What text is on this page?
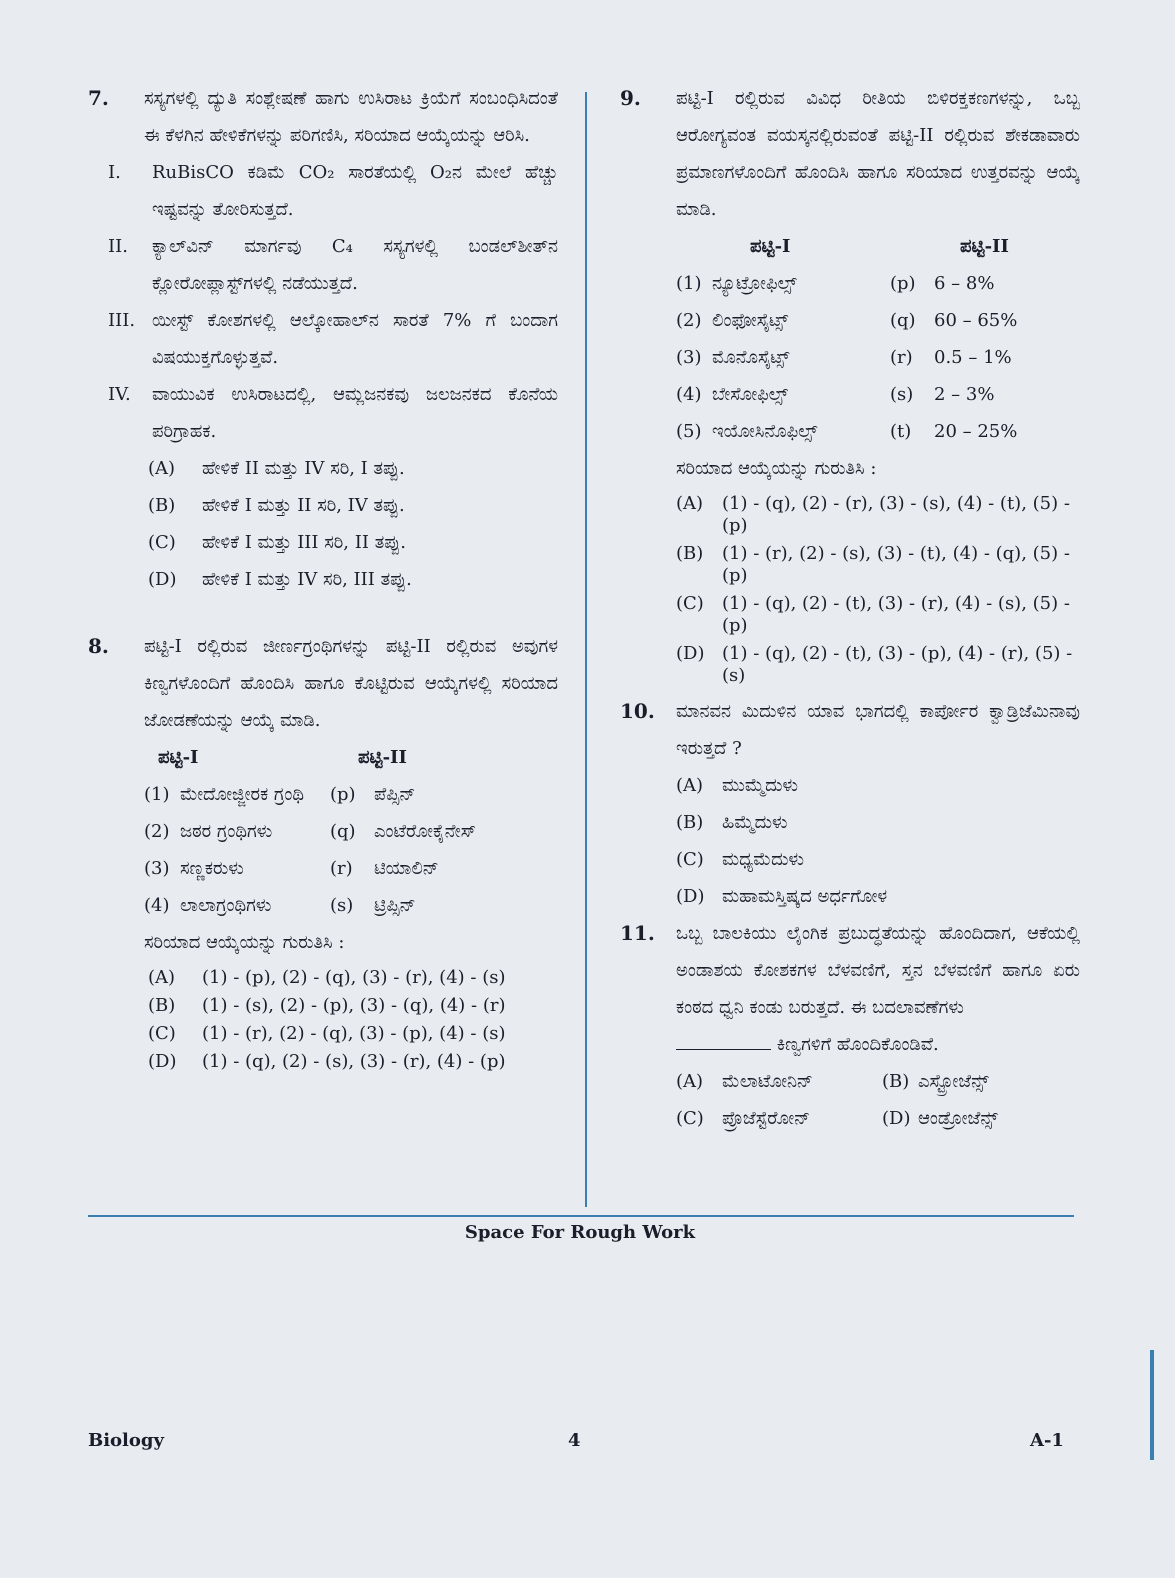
7. ಸಸ್ಯಗಳಲ್ಲಿ ದ್ಯುತಿ ಸಂಶ್ಲೇಷಣೆ ಹಾಗು ಉಸಿರಾಟ ಕ್ರಿಯೆಗೆ ಸಂಬಂಧಿಸಿದಂತೆ ಈ ಕೆಳಗಿನ ಹೇಳಿಕೆಗಳನ್ನು ಪರಿಗಣಿಸಿ, ಸರಿಯಾದ ಆಯ್ಕೆಯನ್ನು ಆರಿಸಿ.
I. RuBisCO ಕಡಿಮೆ CO₂ ಸಾರತೆಯಲ್ಲಿ O₂ನ ಮೇಲೆ ಹೆಚ್ಚು ಇಷ್ಟವನ್ನು ತೋರಿಸುತ್ತದೆ.
II. ಕ್ಯಾಲ್‌ವಿನ್ ಮಾರ್ಗವು C₄ ಸಸ್ಯಗಳಲ್ಲಿ ಬಂಡಲ್‌ಶೀತ್‌ನ ಕ್ಲೋರೋಪ್ಲಾಸ್ಟ್‌ಗಳಲ್ಲಿ ನಡೆಯುತ್ತದೆ.
III. ಯೀಸ್ಟ್ ಕೋಶಗಳಲ್ಲಿ ಆಲ್ಕೋಹಾಲ್‌ನ ಸಾರತೆ 7% ಗೆ ಬಂದಾಗ ವಿಷಯುಕ್ತಗೊಳ್ಳುತ್ತವೆ.
IV. ವಾಯುವಿಕ ಉಸಿರಾಟದಲ್ಲಿ, ಆಮ್ಲಜನಕವು ಜಲಜನಕದ ಕೊನೆಯ ಪರಿಗ್ರಾಹಕ.
(A)	ಹೇಳಿಕೆ II ಮತ್ತು IV ಸರಿ, I ತಪ್ಪು.
(B)	ಹೇಳಿಕೆ I ಮತ್ತು II ಸರಿ, IV ತಪ್ಪು.
(C)	ಹೇಳಿಕೆ I ಮತ್ತು III ಸರಿ, II ತಪ್ಪು.
(D)	ಹೇಳಿಕೆ I ಮತ್ತು IV ಸರಿ, III ತಪ್ಪು.
8. ಪಟ್ಟಿ-I ರಲ್ಲಿರುವ ಜೀರ್ಣಗ್ರಂಥಿಗಳನ್ನು ಪಟ್ಟಿ-II ರಲ್ಲಿರುವ ಅವುಗಳ ಕಿಣ್ವಗಳೊಂದಿಗೆ ಹೊಂದಿಸಿ ಹಾಗೂ ಕೊಟ್ಟಿರುವ ಆಯ್ಕೆಗಳಲ್ಲಿ ಸರಿಯಾದ ಜೋಡಣೆಯನ್ನು ಆಯ್ಕೆ ಮಾಡಿ.
ಪಟ್ಟಿ-I	ಪಟ್ಟಿ-II
(1) ಮೇದೋಜ್ಜೀರಕ ಗ್ರಂಥಿ	(p)	ಪೆಪ್ಸಿನ್
(2) ಜಠರ ಗ್ರಂಥಿಗಳು	(q)	ಎಂಟೆರೋಕೈನೇಸ್
(3) ಸಣ್ಣಕರುಳು	(r)	ಟಿಯಾಲಿನ್
(4) ಲಾಲಾಗ್ರಂಥಿಗಳು	(s)	ಟ್ರಿಪ್ಸಿನ್
ಸರಿಯಾದ ಆಯ್ಕೆಯನ್ನು ಗುರುತಿಸಿ :
(A)	(1) - (p), (2) - (q), (3) - (r), (4) - (s)
(B)	(1) - (s), (2) - (p), (3) - (q), (4) - (r)
(C)	(1) - (r), (2) - (q), (3) - (p), (4) - (s)
(D)	(1) - (q), (2) - (s), (3) - (r), (4) - (p)
9. ಪಟ್ಟಿ-I ರಲ್ಲಿರುವ ವಿವಿಧ ರೀತಿಯ ಬಿಳಿರಕ್ತಕಣಗಳನ್ನು, ಒಬ್ಬ ಆರೋಗ್ಯವಂತ ವಯಸ್ಕನಲ್ಲಿರುವಂತೆ ಪಟ್ಟಿ-II ರಲ್ಲಿರುವ ಶೇಕಡಾವಾರು ಪ್ರಮಾಣಗಳೊಂದಿಗೆ ಹೊಂದಿಸಿ ಹಾಗೂ ಸರಿಯಾದ ಉತ್ತರವನ್ನು ಆಯ್ಕೆ ಮಾಡಿ.
ಪಟ್ಟಿ-I	ಪಟ್ಟಿ-II
(1) ನ್ಯೂಟ್ರೋಫಿಲ್ಸ್	(p)	6 – 8%
(2) ಲಿಂಫೋಸೈಟ್ಸ್	(q)	60 – 65%
(3) ಮೊನೊಸೈಟ್ಸ್	(r)	0.5 – 1%
(4) ಬೇಸೋಫಿಲ್ಸ್	(s)	2 – 3%
(5) ಇಯೋಸಿನೊಫಿಲ್ಸ್	(t)	20 – 25%
ಸರಿಯಾದ ಆಯ್ಕೆಯನ್ನು ಗುರುತಿಸಿ :
(A)	(1) - (q), (2) - (r), (3) - (s), (4) - (t), (5) - (p)
(B)	(1) - (r), (2) - (s), (3) - (t), (4) - (q), (5) - (p)
(C)	(1) - (q), (2) - (t), (3) - (r), (4) - (s), (5) - (p)
(D) (1) - (q), (2) - (t), (3) - (p), (4) - (r), (5) - (s)
10. ಮಾನವನ ಮಿದುಳಿನ ಯಾವ ಭಾಗದಲ್ಲಿ ಕಾರ್ಪೋರ ಕ್ವಾಡ್ರಿಜೆಮಿನಾವು ಇರುತ್ತದೆ ?
(A)	ಮುಮ್ಮೆದುಳು
(B)	ಹಿಮ್ಮೆದುಳು
(C)	ಮಧ್ಯಮೆದುಳು
(D) ಮಹಾಮಸ್ತಿಷ್ಕದ ಅರ್ಧಗೋಳ
11. ಒಬ್ಬ ಬಾಲಕಿಯು ಲೈಂಗಿಕ ಪ್ರಬುದ್ಧತೆಯನ್ನು ಹೊಂದಿದಾಗ, ಆಕೆಯಲ್ಲಿ ಅಂಡಾಶಯ ಕೋಶಕಗಳ ಬೆಳವಣಿಗೆ, ಸ್ತನ ಬೆಳವಣಿಗೆ ಹಾಗೂ ಏರು ಕಂಠದ ಧ್ವನಿ ಕಂಡು ಬರುತ್ತದೆ. ಈ ಬದಲಾವಣೆಗಳು
ಕಿಣ್ವಗಳಿಗೆ ಹೊಂದಿಕೊಂಡಿವೆ.
(A)	ಮೆಲಾಟೋನಿನ್	(B) ಎಸ್ಟ್ರೋಜೆನ್ಸ್
(C)	ಪ್ರೊಜೆಸ್ಟೆರೋನ್	(D) ಆಂಡ್ರೋಜೆನ್ಸ್
Space For Rough Work
Biology	4	A-1
